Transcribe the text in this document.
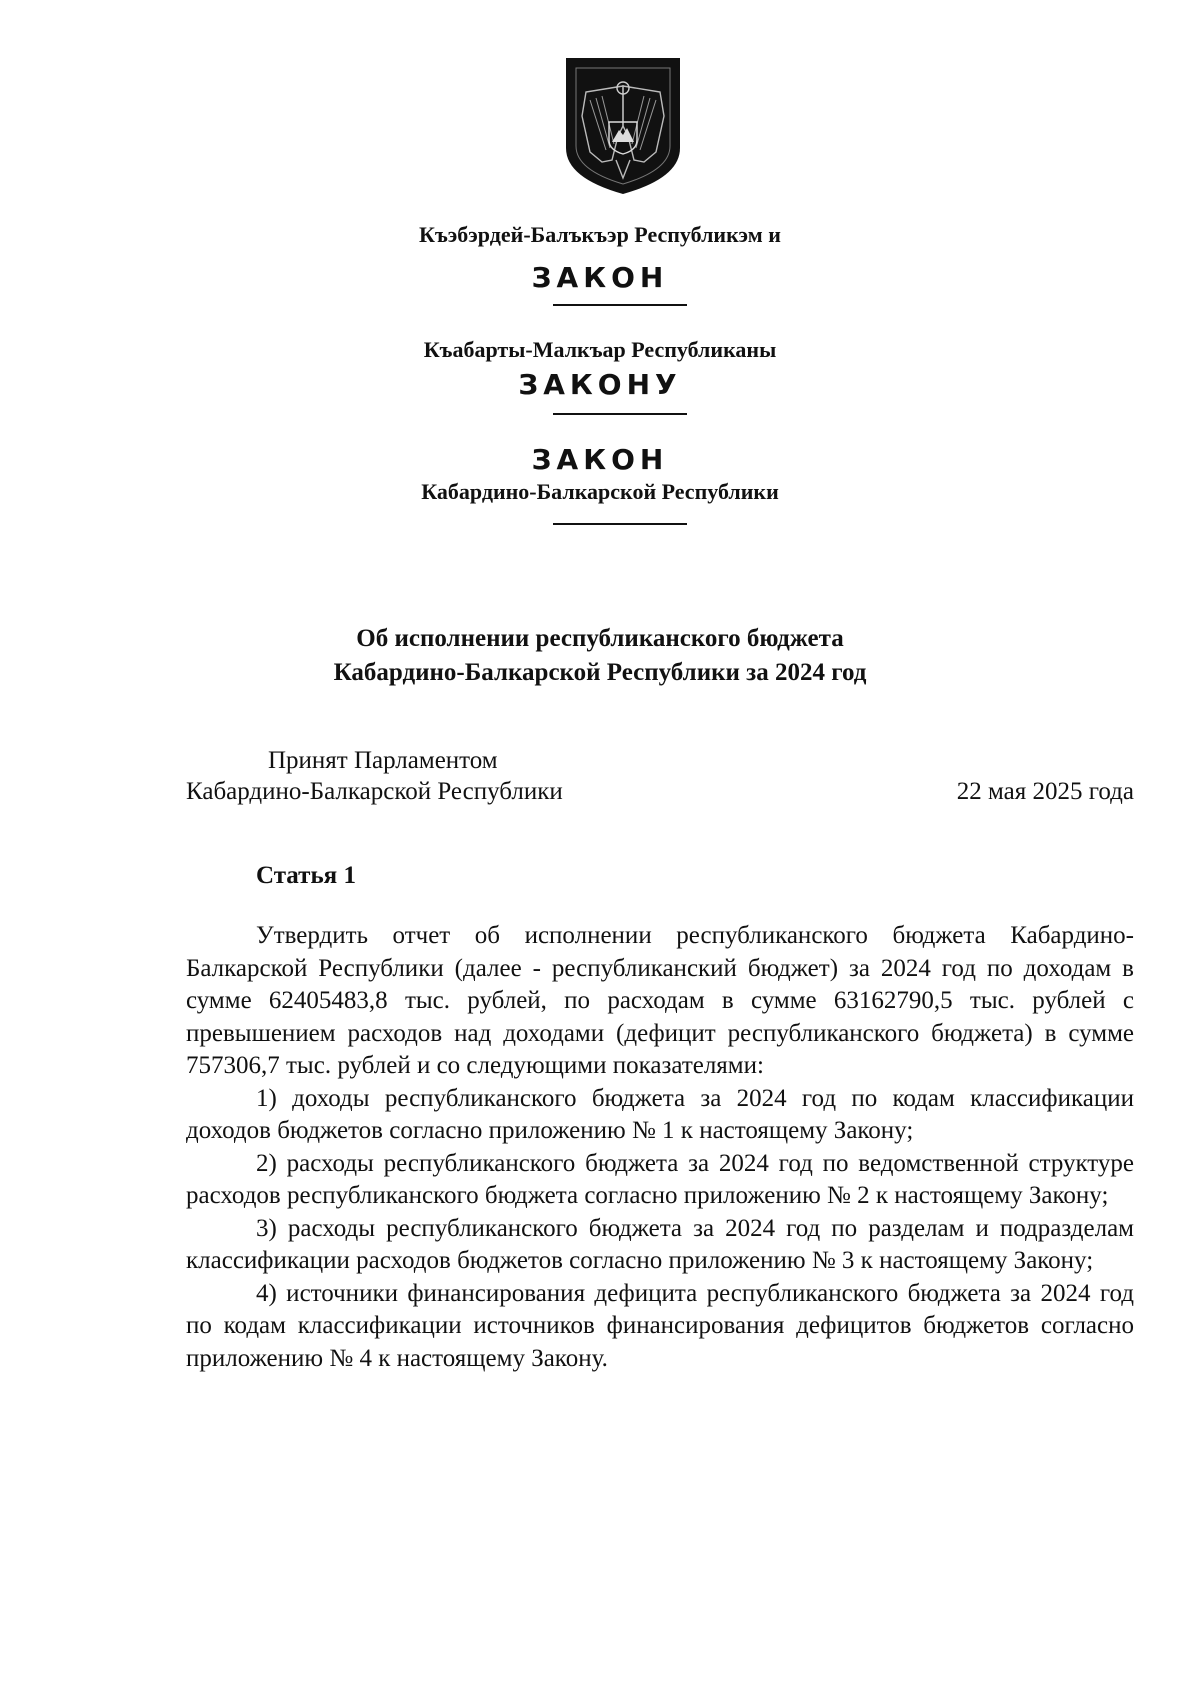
Къэбэрдей-Балъкъэр Республикэм и
ЗАКОН
Къабарты-Малкъар Республиканы
ЗАКОНУ
ЗАКОН
Кабардино-Балкарской Республики
Об исполнении республиканского бюджета
Кабардино-Балкарской Республики за 2024 год
Принят Парламентом
Кабардино-Балкарской Республики	22 мая 2025 года
Статья 1

Утвердить отчет об исполнении республиканского бюджета Кабардино-Балкарской Республики (далее - республиканский бюджет) за 2024 год по доходам в сумме 62405483,8 тыс. рублей, по расходам в сумме 63162790,5 тыс. рублей с превышением расходов над доходами (дефицит республиканского бюджета) в сумме 757306,7 тыс. рублей и со следующими показателями:

1) доходы республиканского бюджета за 2024 год по кодам классификации доходов бюджетов согласно приложению № 1 к настоящему Закону;

2) расходы республиканского бюджета за 2024 год по ведомственной структуре расходов республиканского бюджета согласно приложению № 2 к настоящему Закону;

3) расходы республиканского бюджета за 2024 год по разделам и подразделам классификации расходов бюджетов согласно приложению № 3 к настоящему Закону;

4) источники финансирования дефицита республиканского бюджета за 2024 год по кодам классификации источников финансирования дефицитов бюджетов согласно приложению № 4 к настоящему Закону.
